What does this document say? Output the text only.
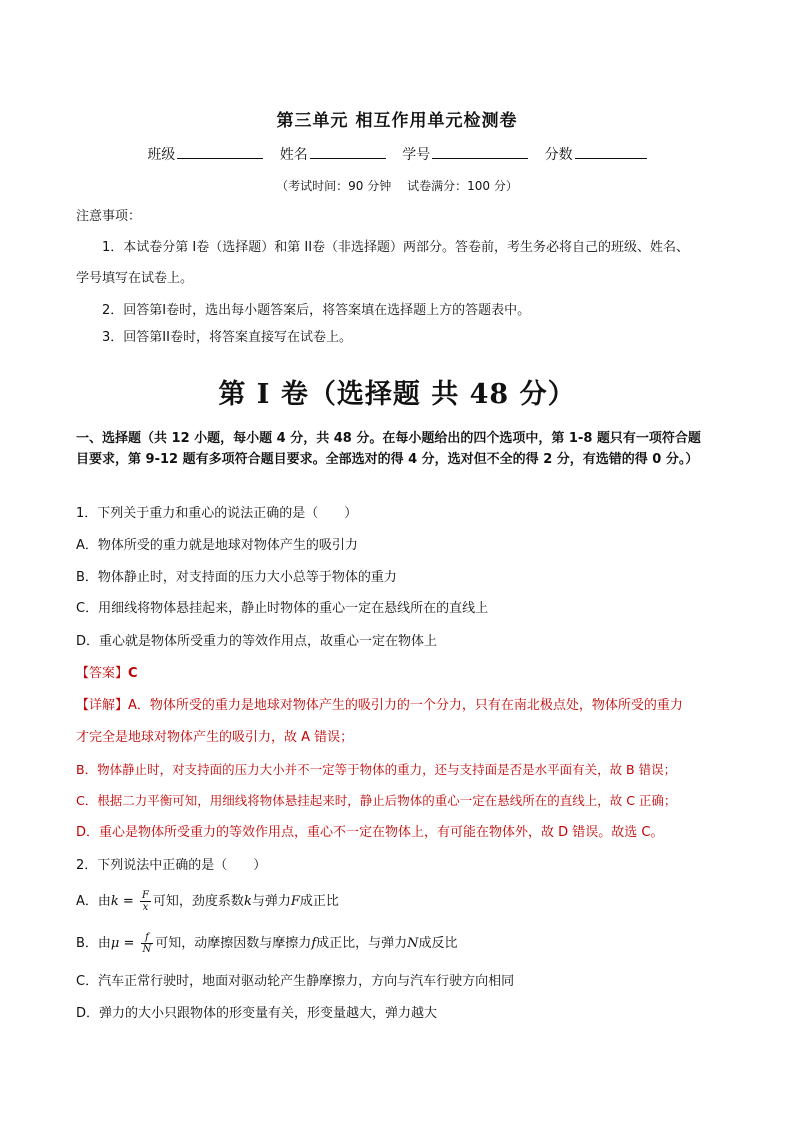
第三单元 相互作用单元检测卷
班级	姓名	学号	分数
（考试时间：90 分钟 试卷满分：100 分）
注意事项：
1．本试卷分第 I卷（选择题）和第 II卷（非选择题）两部分。答卷前，考生务必将自己的班级、姓名、
学号填写在试卷上。
2．回答第I卷时，选出每小题答案后，将答案填在选择题上方的答题表中。
3．回答第II卷时，将答案直接写在试卷上。
第 I 卷（选择题 共 48 分）
一、选择题（共 12 小题，每小题 4 分，共 48 分。在每小题给出的四个选项中，第 1-8 题只有一项符合题
目要求，第 9-12 题有多项符合题目要求。全部选对的得 4 分，选对但不全的得 2 分，有选错的得 0 分。）
1．下列关于重力和重心的说法正确的是（　　）
A．物体所受的重力就是地球对物体产生的吸引力
B．物体静止时，对支持面的压力大小总等于物体的重力
C．用细线将物体悬挂起来，静止时物体的重心一定在悬线所在的直线上
D．重心就是物体所受重力的等效作用点，故重心一定在物体上
【答案】C
【详解】A．物体所受的重力是地球对物体产生的吸引力的一个分力，只有在南北极点处，物体所受的重力
才完全是地球对物体产生的吸引力，故 A 错误；
B．物体静止时，对支持面的压力大小并不一定等于物体的重力，还与支持面是否是水平面有关，故 B 错误；
C．根据二力平衡可知，用细线将物体悬挂起来时，静止后物体的重心一定在悬线所在的直线上，故 C 正确；
D．重心是物体所受重力的等效作用点，重心不一定在物体上，有可能在物体外，故 D 错误。故选 C。
2．下列说法中正确的是（　　）
A．由$k = \frac{F}{x}$ 可知，劲度系数k与弹力F成正比
B．由$\mu = \frac{f}{N}$ 可知，动摩擦因数与摩擦力f成正比，与弹力N成反比
C．汽车正常行驶时，地面对驱动轮产生静摩擦力，方向与汽车行驶方向相同
D．弹力的大小只跟物体的形变量有关，形变量越大，弹力越大
